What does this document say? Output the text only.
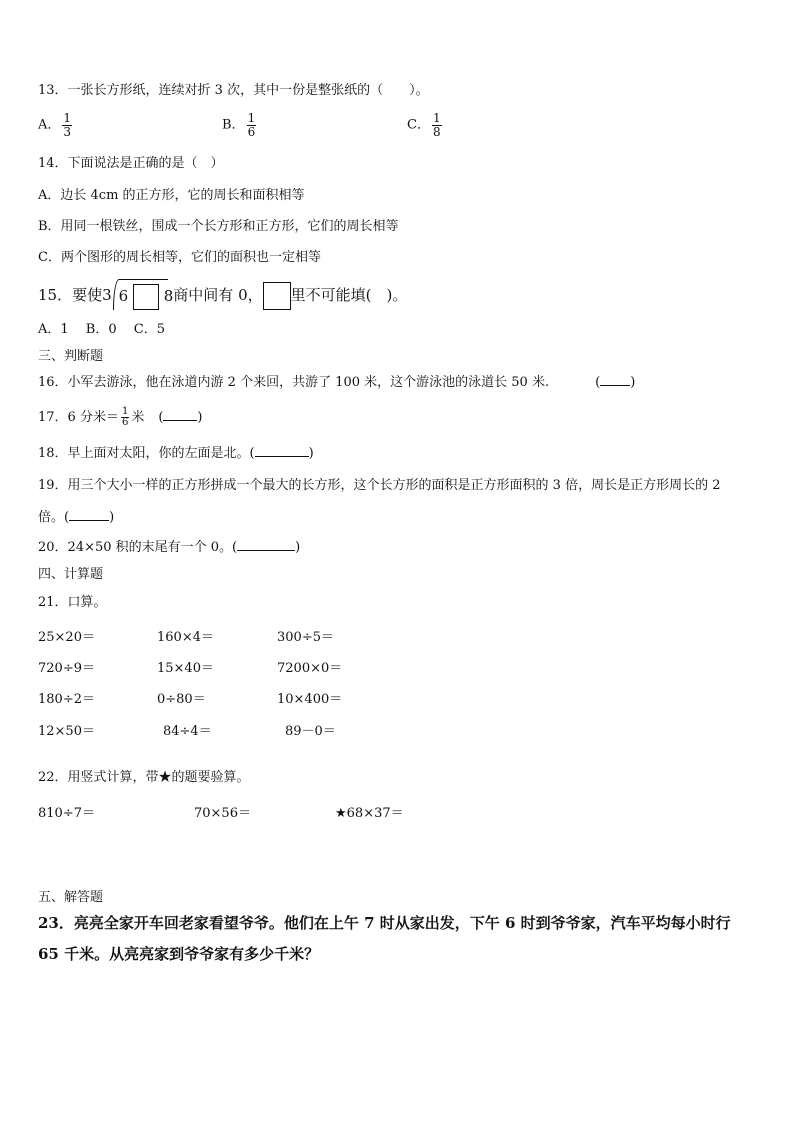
13．一张长方形纸，连续对折 3 次，其中一份是整张纸的（　　）。
A． $\frac{1}{3}$	B． $\frac{1}{6}$	C． $\frac{1}{8}$
14．下面说法是正确的是（　）
A．边长 4cm 的正方形，它的周长和面积相等
B．用同一根铁丝，围成一个长方形和正方形，它们的周长相等
C．两个图形的周长相等，它们的面积也一定相等
15．要使3 6 8商中间有 0， 里不可能填(　)。
A．1　 B．0　 C．5
三、判断题
16．小军去游泳，他在泳道内游 2 个来回，共游了 100 米，这个游泳池的泳道长 50 米.	( )
17．6 分米＝ $\frac{1}{6}$ 米 (	)
18．早上面对太阳，你的左面是北。(	)
19．用三个大小一样的正方形拼成一个最大的长方形，这个长方形的面积是正方形面积的 3 倍，周长是正方形周长的 2
倍。(	)
20．24×50 积的末尾有一个 0。(	)
四、计算题
21．口算。
25×20＝	160×4＝	300÷5＝
720÷9＝	15×40＝	7200×0＝
180÷2＝	0÷80＝	10×400＝
12×50＝	84÷4＝	89－0＝
22．用竖式计算，带★的题要验算。
810÷7＝	70×56＝	★68×37＝
五、解答题
23．亮亮全家开车回老家看望爷爷。他们在上午 7 时从家出发，下午 6 时到爷爷家，汽车平均每小时行
65 千米。从亮亮家到爷爷家有多少千米？
